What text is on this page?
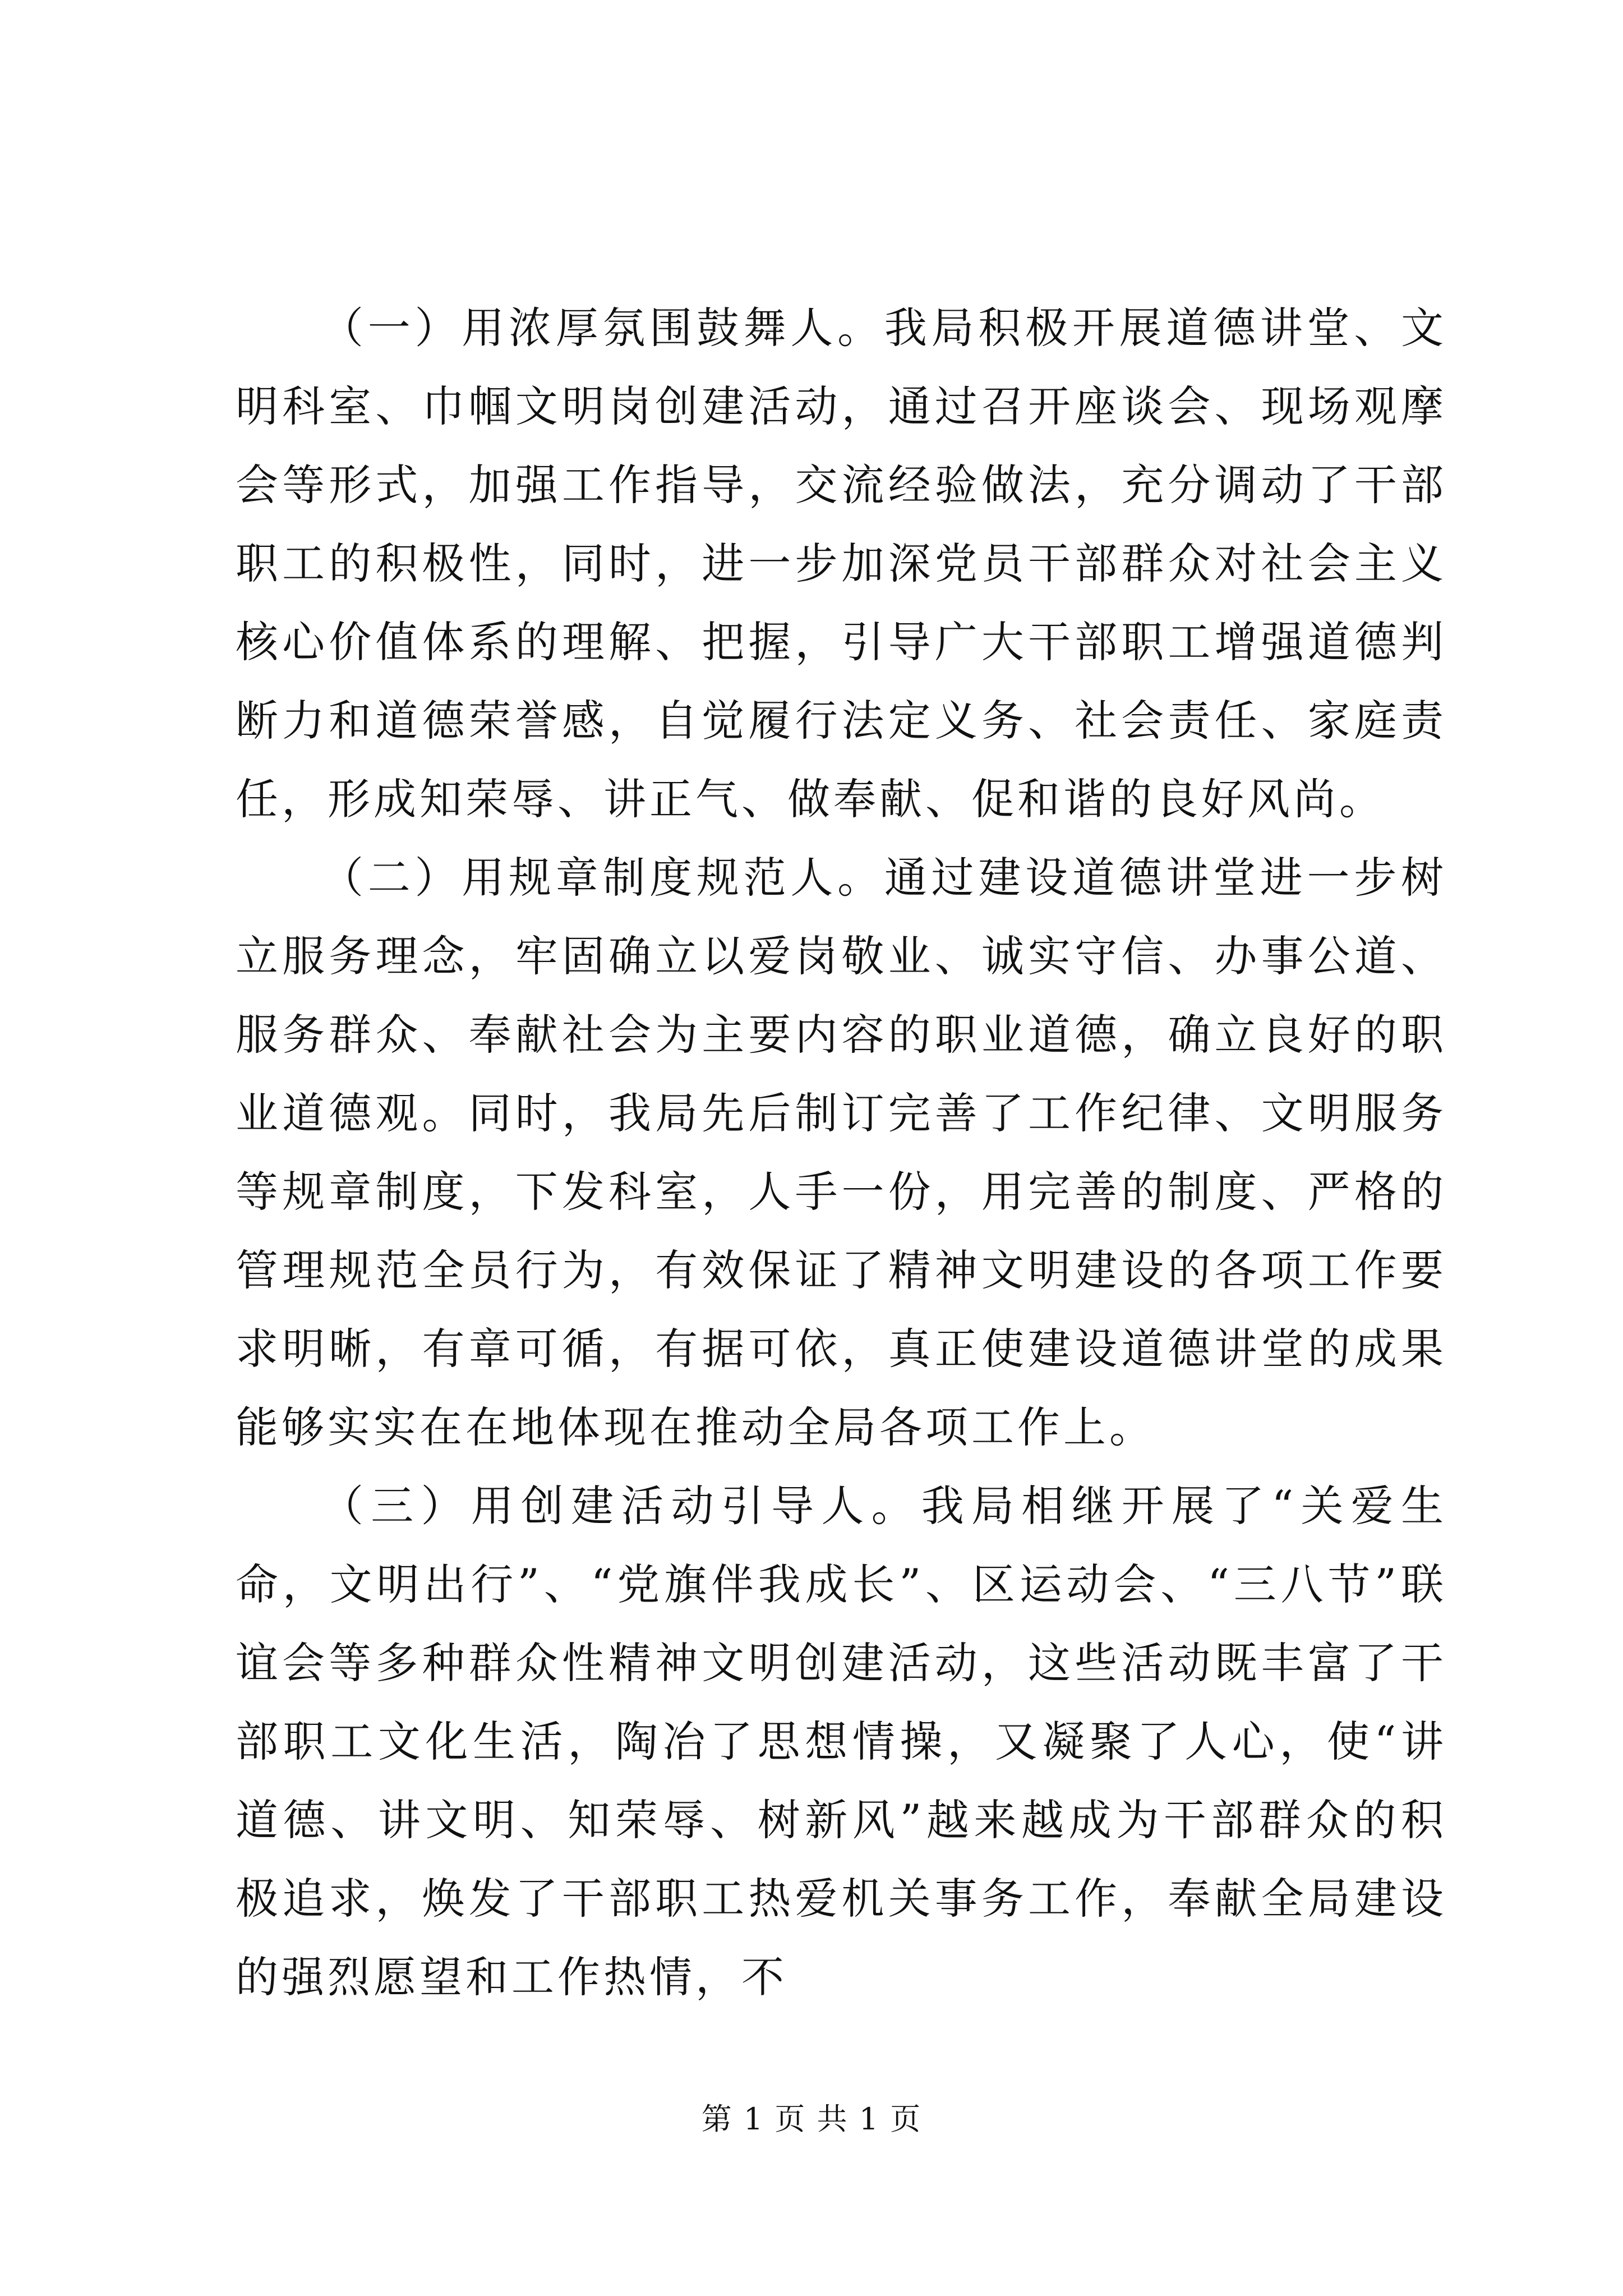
（一）用浓厚氛围鼓舞人。我局积极开展道德讲堂、文明科室、巾帼文明岗创建活动，通过召开座谈会、现场观摩会等形式，加强工作指导，交流经验做法，充分调动了干部职工的积极性，同时，进一步加深党员干部群众对社会主义核心价值体系的理解、把握，引导广大干部职工增强道德判断力和道德荣誉感，自觉履行法定义务、社会责任、家庭责任，形成知荣辱、讲正气、做奉献、促和谐的良好风尚。

（二）用规章制度规范人。通过建设道德讲堂进一步树立服务理念，牢固确立以爱岗敬业、诚实守信、办事公道、服务群众、奉献社会为主要内容的职业道德，确立良好的职业道德观。同时，我局先后制订完善了工作纪律、文明服务等规章制度，下发科室，人手一份，用完善的制度、严格的管理规范全员行为，有效保证了精神文明建设的各项工作要求明晰，有章可循，有据可依，真正使建设道德讲堂的成果能够实实在在地体现在推动全局各项工作上。

（三）用创建活动引导人。我局相继开展了“关爱生命，文明出行”、“党旗伴我成长”、区运动会、“三八节”联谊会等多种群众性精神文明创建活动，这些活动既丰富了干部职工文化生活，陶冶了思想情操，又凝聚了人心，使“讲道德、讲文明、知荣辱、树新风”越来越成为干部群众的积极追求，焕发了干部职工热爱机关事务工作，奉献全局建设的强烈愿望和工作热情，不

第 1 页 共 1 页
